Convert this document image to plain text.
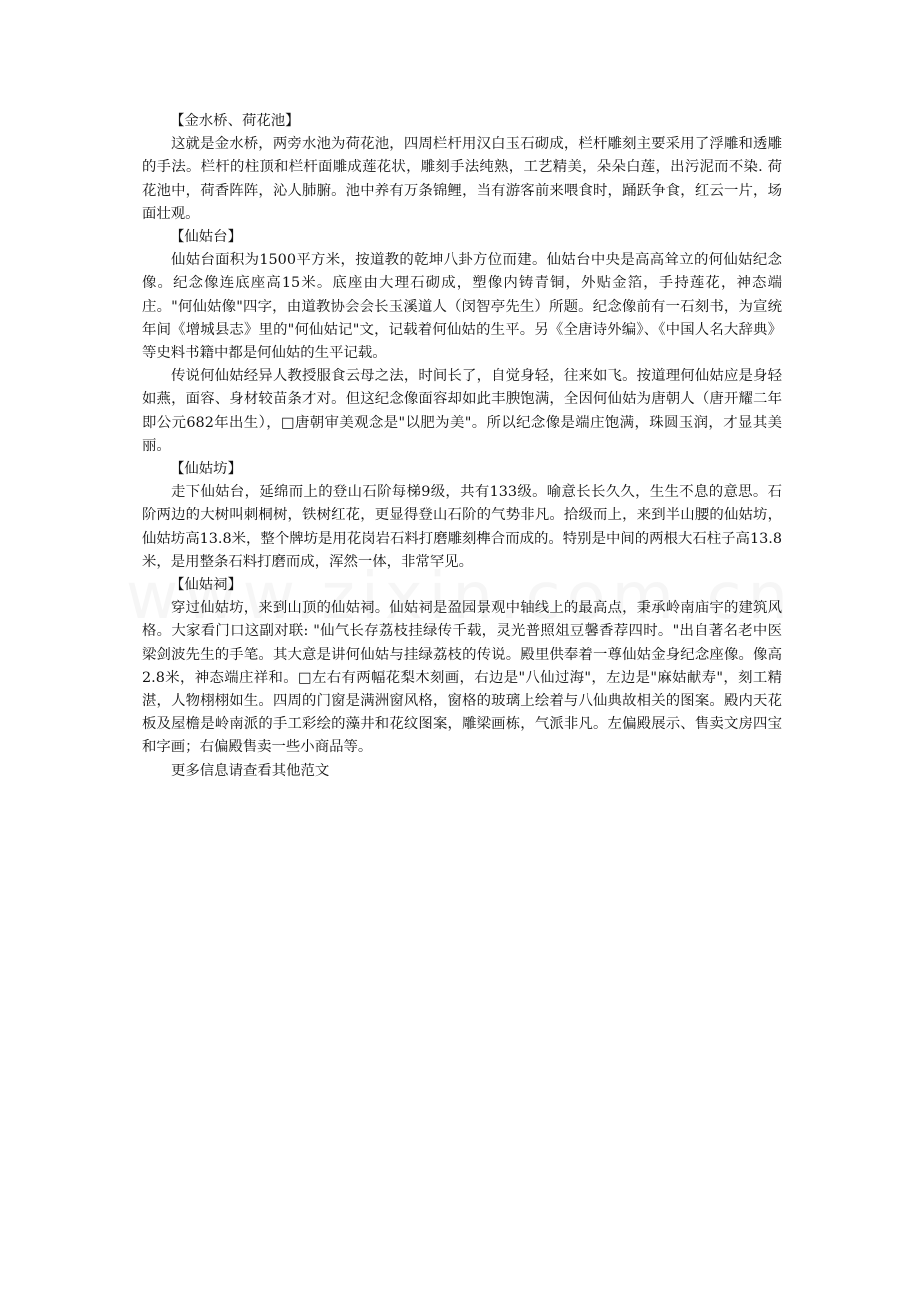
【金水桥、荷花池】

这就是金水桥，两旁水池为荷花池，四周栏杆用汉白玉石砌成，栏杆雕刻主要采用了浮雕和透雕的手法。栏杆的柱顶和栏杆面雕成莲花状，雕刻手法纯熟，工艺精美，朵朵白莲，出污泥而不染. 荷花池中，荷香阵阵，沁人肺腑。池中养有万条锦鲤，当有游客前来喂食时，踊跃争食，红云一片，场面壮观。

【仙姑台】

仙姑台面积为1500平方米，按道教的乾坤八卦方位而建。仙姑台中央是高高耸立的何仙姑纪念像。纪念像连底座高15米。底座由大理石砌成，塑像内铸青铜，外贴金箔，手持莲花，神态端庄。"何仙姑像"四字，由道教协会会长玉溪道人（闵智亭先生）所题。纪念像前有一石刻书，为宣统年间《增城县志》里的"何仙姑记"文，记载着何仙姑的生平。另《全唐诗外编》、《中国人名大辞典》等史料书籍中都是何仙姑的生平记载。

传说何仙姑经异人教授服食云母之法，时间长了，自觉身轻，往来如飞。按道理何仙姑应是身轻如燕，面容、身材较苗条才对。但这纪念像面容却如此丰腴饱满，全因何仙姑为唐朝人（唐开耀二年即公元682年出生），□唐朝审美观念是"以肥为美"。所以纪念像是端庄饱满，珠圆玉润，才显其美丽。

【仙姑坊】

走下仙姑台，延绵而上的登山石阶每梯9级，共有133级。喻意长长久久，生生不息的意思。石阶两边的大树叫刺桐树，铁树红花，更显得登山石阶的气势非凡。拾级而上，来到半山腰的仙姑坊，仙姑坊高13.8米，整个牌坊是用花岗岩石料打磨雕刻榫合而成的。特别是中间的两根大石柱子高13.8米，是用整条石料打磨而成，浑然一体，非常罕见。

【仙姑祠】

穿过仙姑坊，来到山顶的仙姑祠。仙姑祠是盈园景观中轴线上的最高点，秉承岭南庙宇的建筑风格。大家看门口这副对联: "仙气长存荔枝挂绿传千载，灵光普照俎豆馨香荐四时。"出自著名老中医梁剑波先生的手笔。其大意是讲何仙姑与挂绿荔枝的传说。殿里供奉着一尊仙姑金身纪念座像。像高2.8米，神态端庄祥和。□左右有两幅花梨木刻画，右边是"八仙过海"，左边是"麻姑献寿"，刻工精湛，人物栩栩如生。四周的门窗是满洲窗风格，窗格的玻璃上绘着与八仙典故相关的图案。殿内天花板及屋檐是岭南派的手工彩绘的藻井和花纹图案，雕梁画栋，气派非凡。左偏殿展示、售卖文房四宝和字画；右偏殿售卖一些小商品等。

更多信息请查看其他范文
